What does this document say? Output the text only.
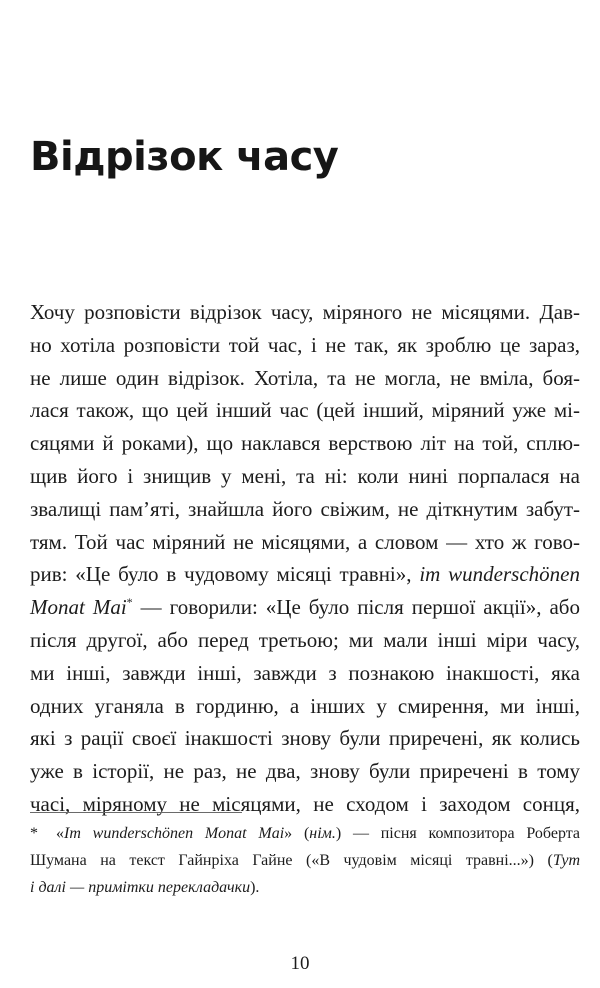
Відрізок часу
Хочу розповісти відрізок часу, міряного не місяцями. Дав-
но хотіла розповісти той час, і не так, як зроблю це зараз,
не лише один відрізок. Хотіла, та не могла, не вміла, боя-
лася також, що цей інший час (цей інший, міряний уже мі-
сяцями й роками), що наклався верствою літ на той, сплю-
щив його і знищив у мені, та ні: коли нині порпалася на
звалищі пам’яті, знайшла його свіжим, не діткнутим забут-
тям. Той час міряний не місяцями, а словом — хто ж гово-
рив: «Це було в чудовому місяці травні», im wunderschönen
Monat Mai* — говорили: «Це було після першої акції», або
після другої, або перед третьою; ми мали інші міри часу,
ми інші, завжди інші, завжди з познакою інакшості, яка
одних уганяла в гординю, а інших у смирення, ми інші,
які з рації своєї інакшості знову були приречені, як колись
уже в історії, не раз, не два, знову були приречені в тому
часі, міряному не місяцями, не сходом і заходом сонця,
* «Im wunderschönen Monat Mai» (нім.) — пісня композитора Роберта
Шумана на текст Гайнріха Гайне («В чудовім місяці травні...») (Тут
і далі — примітки перекладачки).
10
